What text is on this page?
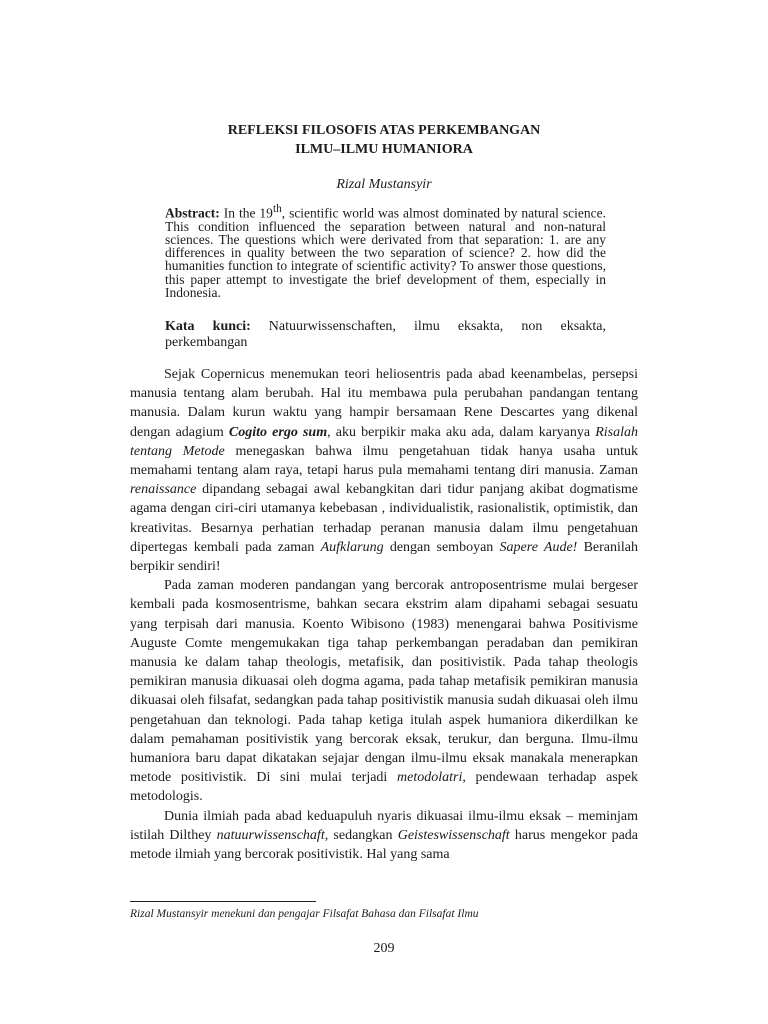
REFLEKSI FILOSOFIS ATAS PERKEMBANGAN
ILMU–ILMU HUMANIORA
Rizal Mustansyir
Abstract: In the 19th, scientific world was almost dominated by natural science. This condition influenced the separation between natural and non-natural sciences. The questions which were derivated from that separation: 1. are any differences in quality between the two separation of science? 2. how did the humanities function to integrate of scientific activity? To answer those questions, this paper attempt to investigate the brief development of them, especially in Indonesia.
Kata kunci: Natuurwissenschaften, ilmu eksakta, non eksakta, perkembangan

Sejak Copernicus menemukan teori heliosentris pada abad keenambelas, persepsi manusia tentang alam berubah. Hal itu membawa pula perubahan pandangan tentang manusia. Dalam kurun waktu yang hampir bersamaan Rene Descartes yang dikenal dengan adagium Cogito ergo sum, aku berpikir maka aku ada, dalam karyanya Risalah tentang Metode menegaskan bahwa ilmu pengetahuan tidak hanya usaha untuk memahami tentang alam raya, tetapi harus pula memahami tentang diri manusia. Zaman renaissance dipandang sebagai awal kebangkitan dari tidur panjang akibat dogmatisme agama dengan ciri-ciri utamanya kebebasan , individualistik, rasionalistik, optimistik, dan kreativitas. Besarnya perhatian terhadap peranan manusia dalam ilmu pengetahuan dipertegas kembali pada zaman Aufklarung dengan semboyan Sapere Aude! Beranilah berpikir sendiri!

Pada zaman moderen pandangan yang bercorak antroposentrisme mulai bergeser kembali pada kosmosentrisme, bahkan secara ekstrim alam dipahami sebagai sesuatu yang terpisah dari manusia. Koento Wibisono (1983) menengarai bahwa Positivisme Auguste Comte mengemukakan tiga tahap perkembangan peradaban dan pemikiran manusia ke dalam tahap theologis, metafisik, dan positivistik. Pada tahap theologis pemikiran manusia dikuasai oleh dogma agama, pada tahap metafisik pemikiran manusia dikuasai oleh filsafat, sedangkan pada tahap positivistik manusia sudah dikuasai oleh ilmu pengetahuan dan teknologi. Pada tahap ketiga itulah aspek humaniora dikerdilkan ke dalam pemahaman positivistik yang bercorak eksak, terukur, dan berguna. Ilmu-ilmu humaniora baru dapat dikatakan sejajar dengan ilmu-ilmu eksak manakala menerapkan metode positivistik. Di sini mulai terjadi metodolatri, pendewaan terhadap aspek metodologis.

Dunia ilmiah pada abad keduapuluh nyaris dikuasai ilmu-ilmu eksak – meminjam istilah Dilthey natuurwissenschaft, sedangkan Geisteswissenschaft harus mengekor pada metode ilmiah yang bercorak positivistik. Hal yang sama

Rizal Mustansyir menekuni dan pengajar Filsafat Bahasa dan Filsafat Ilmu
209
